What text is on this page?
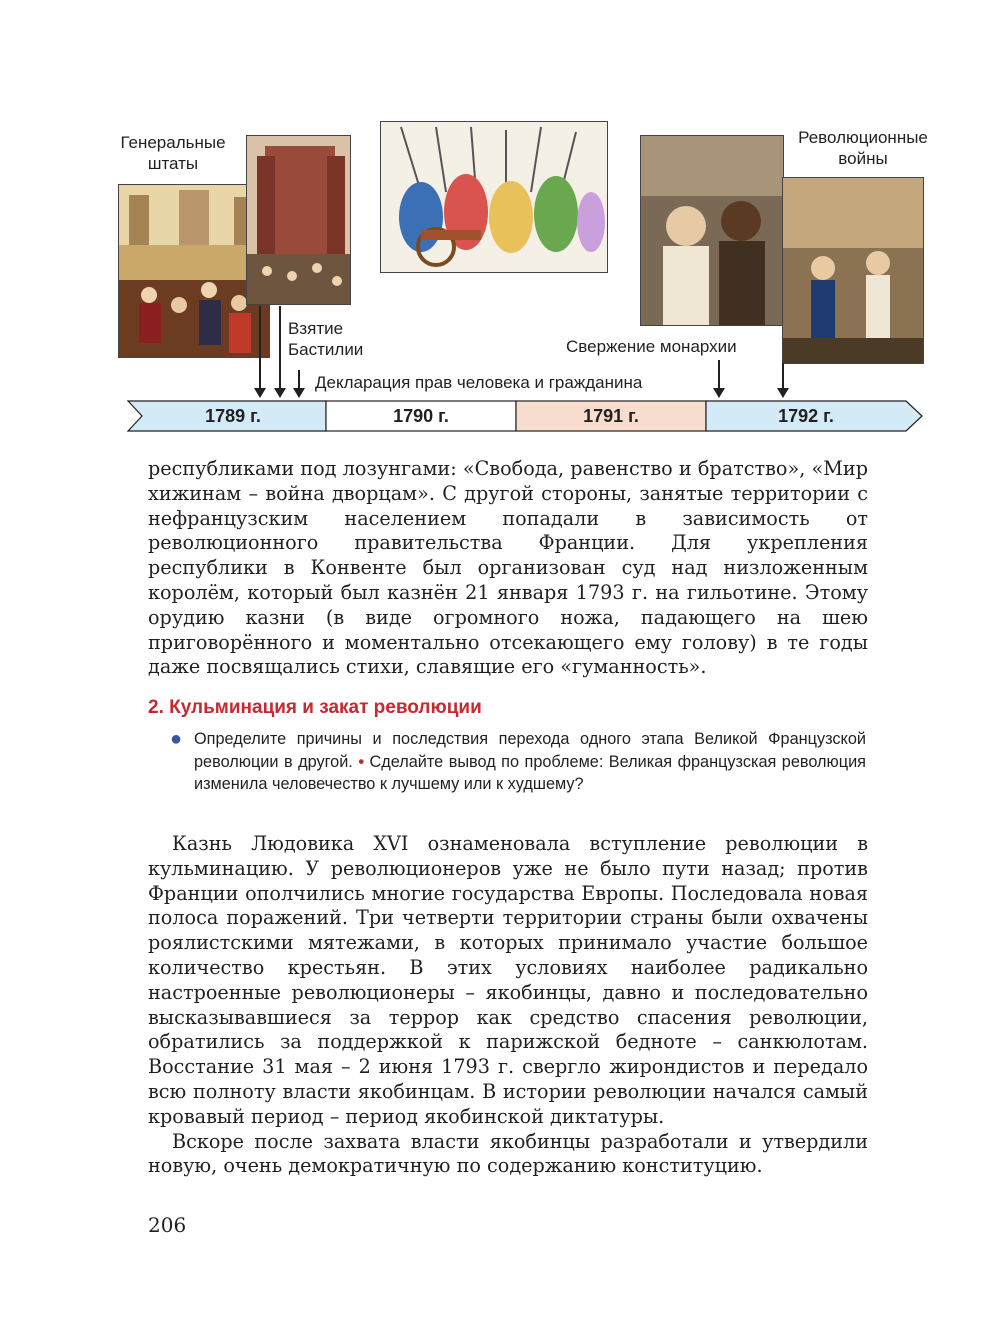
Генеральные штаты
Взятие Бастилии
Революционные войны
Свержение монархии
Декларация прав человека и гражданина
1789 г.	1790 г.	1791 г.	1792 г.

республиками под лозунгами: «Свобода, равенство и братство», «Мир хижинам – война дворцам». С другой стороны, занятые территории с нефранцузским населением попадали в зависимость от революционного правительства Франции. Для укрепления республики в Конвенте был организован суд над низложенным королём, который был казнён 21 января 1793 г. на гильотине. Этому орудию казни (в виде огромного ножа, падающего на шею приговорённого и моментально отсекающего ему голову) в те годы даже посвящались стихи, славящие его «гуманность».

2. Кульминация и закат революции
● Определите причины и последствия перехода одного этапа Великой Французской революции в другой. • Сделайте вывод по проблеме: Великая французская революция изменила человечество к лучшему или к худшему?

Казнь Людовика XVI ознаменовала вступление революции в кульминацию. У революционеров уже не было пути назад; против Франции ополчились многие государства Европы. Последовала новая полоса поражений. Три четверти территории страны были охвачены роялистскими мятежами, в которых принимало участие большое количество крестьян. В этих условиях наиболее радикально настроенные революционеры – якобинцы, давно и последовательно высказывавшиеся за террор как средство спасения революции, обратились за поддержкой к парижской бедноте – санкюлотам. Восстание 31 мая – 2 июня 1793 г. свергло жирондистов и передало всю полноту власти якобинцам. В истории революции начался самый кровавый период – период якобинской диктатуры.

Вскоре после захвата власти якобинцы разработали и утвердили новую, очень демократичную по содержанию конституцию.

206
